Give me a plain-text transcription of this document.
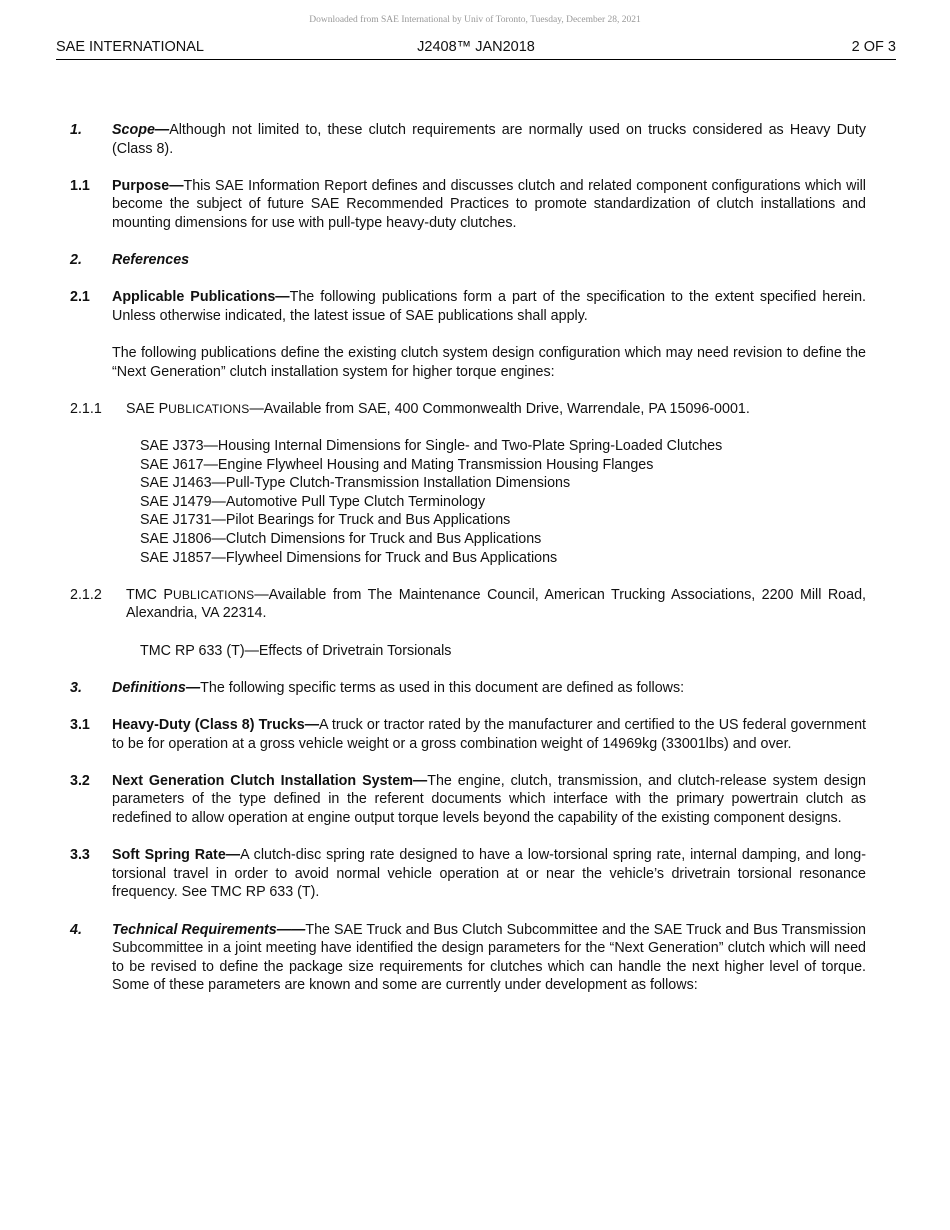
Downloaded from SAE International by Univ of Toronto, Tuesday, December 28, 2021
J2408™ JAN2018
SAE INTERNATIONAL	2 OF 3
1. Scope—Although not limited to, these clutch requirements are normally used on trucks considered as Heavy Duty (Class 8).
1.1 Purpose—This SAE Information Report defines and discusses clutch and related component configurations which will become the subject of future SAE Recommended Practices to promote standardization of clutch installations and mounting dimensions for use with pull-type heavy-duty clutches.
2. References
2.1 Applicable Publications—The following publications form a part of the specification to the extent specified herein. Unless otherwise indicated, the latest issue of SAE publications shall apply.
The following publications define the existing clutch system design configuration which may need revision to define the “Next Generation” clutch installation system for higher torque engines:
2.1.1 SAE PUBLICATIONS—Available from SAE, 400 Commonwealth Drive, Warrendale, PA 15096-0001.
SAE J373—Housing Internal Dimensions for Single- and Two-Plate Spring-Loaded Clutches
SAE J617—Engine Flywheel Housing and Mating Transmission Housing Flanges
SAE J1463—Pull-Type Clutch-Transmission Installation Dimensions
SAE J1479—Automotive Pull Type Clutch Terminology
SAE J1731—Pilot Bearings for Truck and Bus Applications
SAE J1806—Clutch Dimensions for Truck and Bus Applications
SAE J1857—Flywheel Dimensions for Truck and Bus Applications
2.1.2 TMC PUBLICATIONS—Available from The Maintenance Council, American Trucking Associations, 2200 Mill Road, Alexandria, VA 22314.
TMC RP 633 (T)—Effects of Drivetrain Torsionals
3. Definitions—The following specific terms as used in this document are defined as follows:
3.1 Heavy-Duty (Class 8) Trucks—A truck or tractor rated by the manufacturer and certified to the US federal government to be for operation at a gross vehicle weight or a gross combination weight of 14969kg (33001lbs) and over.
3.2 Next Generation Clutch Installation System—The engine, clutch, transmission, and clutch-release system design parameters of the type defined in the referent documents which interface with the primary powertrain clutch as redefined to allow operation at engine output torque levels beyond the capability of the existing component designs.
3.3 Soft Spring Rate—A clutch-disc spring rate designed to have a low-torsional spring rate, internal damping, and long-torsional travel in order to avoid normal vehicle operation at or near the vehicle’s drivetrain torsional resonance frequency. See TMC RP 633 (T).
4. Technical Requirements——The SAE Truck and Bus Clutch Subcommittee and the SAE Truck and Bus Transmission Subcommittee in a joint meeting have identified the design parameters for the “Next Generation” clutch which will need to be revised to define the package size requirements for clutches which can handle the next higher level of torque. Some of these parameters are known and some are currently under development as follows:
